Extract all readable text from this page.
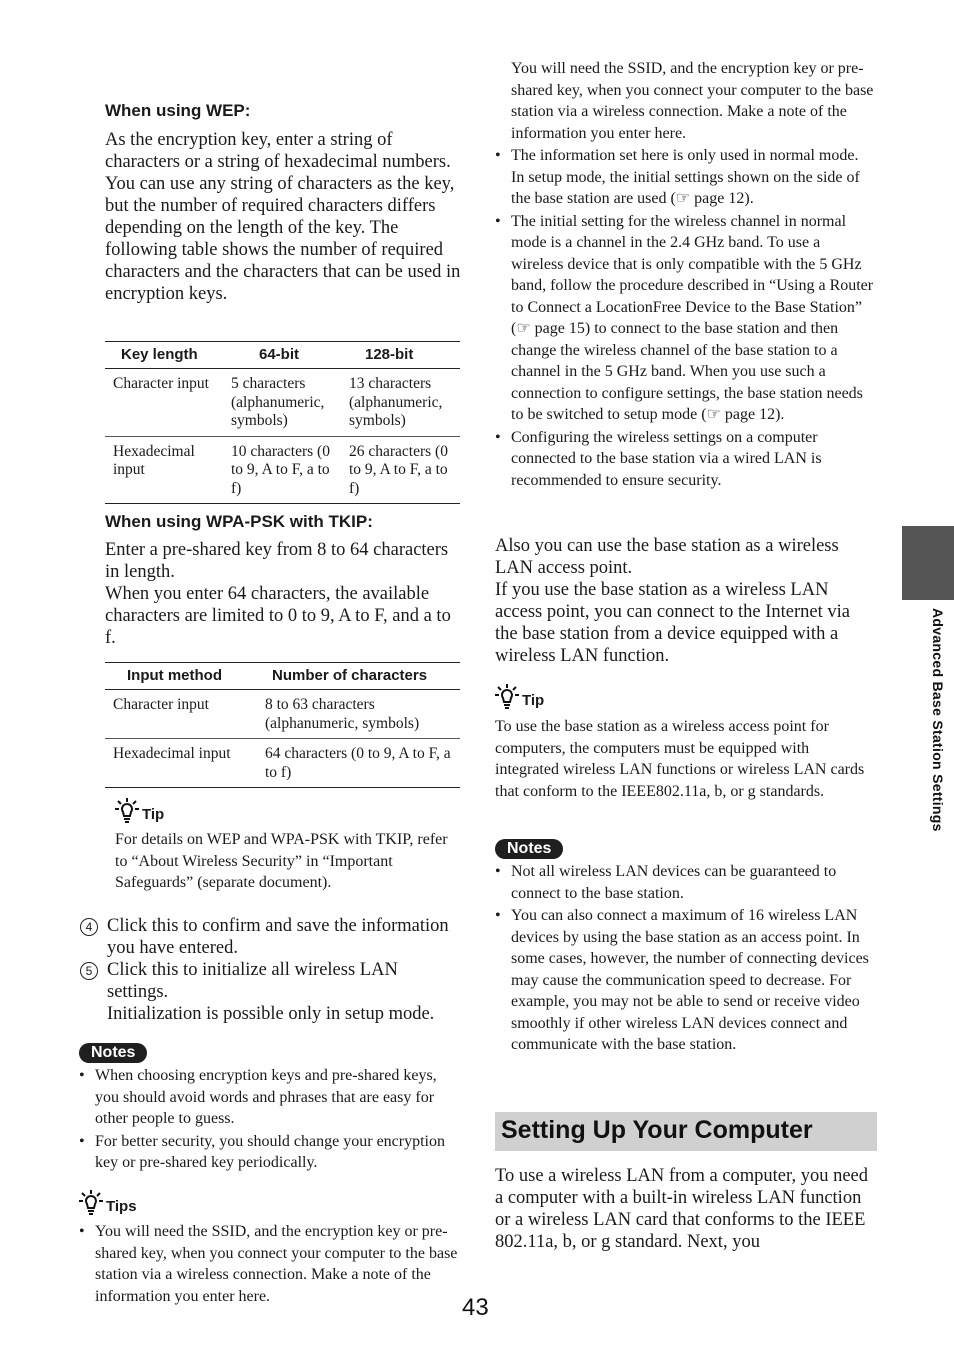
When using WEP:

As the encryption key, enter a string of characters or a string of hexadecimal numbers.

You can use any string of characters as the key, but the number of required characters differs depending on the length of the key. The following table shows the number of required characters and the characters that can be used in encryption keys.

Key length	64-bit	128-bit
Character input	5 characters (alphanumeric, symbols)	13 characters (alphanumeric, symbols)
Hexadecimal input	10 characters (0 to 9, A to F, a to f)	26 characters (0 to 9, A to F, a to f)
When using WPA-PSK with TKIP:

Enter a pre-shared key from 8 to 64 characters in length.

When you enter 64 characters, the available characters are limited to 0 to 9, A to F, and a to f.

Input method	Number of characters
Character input	8 to 63 characters (alphanumeric, symbols)
Hexadecimal input	64 characters (0 to 9, A to F, a to f)
Tip

For details on WEP and WPA-PSK with TKIP, refer to “About Wireless Security” in “Important Safeguards” (separate document).

4 Click this to confirm and save the information you have entered.
5 Click this to initialize all wireless LAN settings.
Initialization is possible only in setup mode.
Notes
• When choosing encryption keys and pre-shared keys, you should avoid words and phrases that are easy for other people to guess.
• For better security, you should change your encryption key or pre-shared key periodically.
Tips
• You will need the SSID, and the encryption key or pre-shared key, when you connect your computer to the base station via a wireless connection. Make a note of the information you enter here.
You will need the SSID, and the encryption key or pre-shared key, when you connect your computer to the base station via a wireless connection. Make a note of the information you enter here.
• The information set here is only used in normal mode. In setup mode, the initial settings shown on the side of the base station are used (☞ page 12).
• The initial setting for the wireless channel in normal mode is a channel in the 2.4 GHz band. To use a wireless device that is only compatible with the 5 GHz band, follow the procedure described in “Using a Router to Connect a LocationFree Device to the Base Station” (☞ page 15) to connect to the base station and then change the wireless channel of the base station to a channel in the 5 GHz band. When you use such a connection to configure settings, the base station needs to be switched to setup mode (☞ page 12).
• Configuring the wireless settings on a computer connected to the base station via a wired LAN is recommended to ensure security.

Also you can use the base station as a wireless LAN access point.

If you use the base station as a wireless LAN access point, you can connect to the Internet via the base station from a device equipped with a wireless LAN function.

Tip

To use the base station as a wireless access point for computers, the computers must be equipped with integrated wireless LAN functions or wireless LAN cards that conform to the IEEE802.11a, b, or g standards.

Notes
• Not all wireless LAN devices can be guaranteed to connect to the base station.
• You can also connect a maximum of 16 wireless LAN devices by using the base station as an access point. In some cases, however, the number of connecting devices may cause the communication speed to decrease. For example, you may not be able to send or receive video smoothly if other wireless LAN devices connect and communicate with the base station.
Setting Up Your Computer

To use a wireless LAN from a computer, you need a computer with a built-in wireless LAN function or a wireless LAN card that conforms to the IEEE 802.11a, b, or g standard. Next, you

Advanced Base Station Settings
43
